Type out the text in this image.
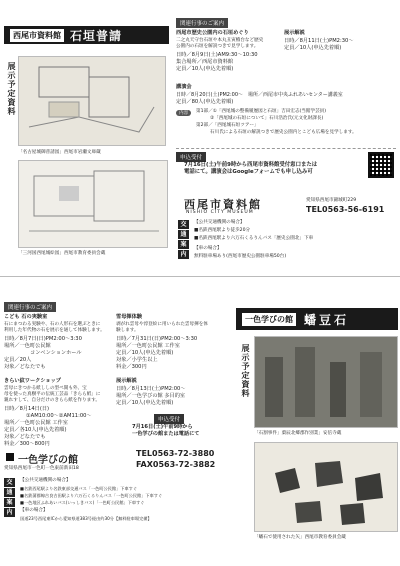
西尾市資料館 石垣普請
展示予定資料
「名古屋城御普請図」西尾市岩瀬文庫蔵
「三河国西尾城絵図」西尾市教育委員会蔵
関連行事のご案内
西尾市歴史公園内の石垣めぐり
二之丸天守台石垣や本丸丑寅櫓台など歴史
公園内の石垣を解説つきで見学します。
日時／8月9日(土)AM9:30〜10:30
集合場所／西尾市資料館
定員／10人(申込先着順)
展示解説
日時／8月11日(土)PM2:30〜
定員／10人(申込先着順)
講演会
日時／8月20日(土)PM2:00〜　場所／西尾市中央ふれあいセンター講義室
定員／80人(申込先着順)
内容	第1部／①「西尾城の整備履歴図と石垣」吉田宏志(当館学芸員)
②「西尾城の石垣について」石川浩治氏(元文化財課長)
第2部／「西尾城石垣ツアー」
石川氏による石垣の解説つきで歴史公園内とこども広場を見学します。
申込受付
7月16日(土)午前9時から西尾市資料館受付窓口または
電話にて。講演会はGoogleフォームでも申し込み可
西尾市資料館
NISHIO CITY MUSEUM
愛知県西尾市錦城町229
TEL0563-56-6191
交
通
案
内
【公共交通機関の場合】
■名鉄西尾駅より徒歩20分
■名鉄西尾駅より六万石くるりんバス「歴史公園北」下車
【車の場合】
無料駐車場あり(西尾市歴史公園駐車場50台)
関連行事のご案内
こども 石の実験室
石にまつわる実験や、石の人形石を選ぶときに
利用した年代物の石を展示を通して体験します。
日時／8月7日(日)PM2:00〜3:30
場所／一色町公民館
コンベンションホール
定員／20人
対象／どなたでも
雪母揮体験
剥がれ雲母や淳登絵に用いられた雲母揮を体
験します。
日時／7月31日(日)PM2:00〜3:30
場所／一色町公民館 工作室
定員／10人(申込先着順)
対象／小学生以上
料金／300円
きらい紋ワークショップ
雲母にきつかる紙ししの型ぺ開も外、宝
母を使った真樹平の伝統工芸品「きらら紙」に
親れすして、自分だけのきらら紙を作ります。
日時／8月14日(日)
①AM10:00〜②AM11:00〜
場所／一色町公民館 工作室
定員／各10人(申込先着順)
対象／どなたでも
料金／300〜800円
展示解説
日時／8月13日(土)PM2:00〜
場所／一色学びの館 多目的室
定員／10人(申込先着順)
申込受付
7月16日(土)午前9時から
一色学びの館または電話にて
一色学びの館
愛知県西尾市一色町一色東前新田18
TEL0563-72-3880
FAX0563-72-3882
交
通
案
内
【公共交通機関の場合】
■名鉄西尾駅より名鉄東部交通バス「一色町公民館」下車すぐ
■名鉄蒲郡線吉良吉田駅より六万石くるりんバス「一色町公民館」下車すぐ
■一色地区ふれあいバス(いっしきバス)「一色町公民館」下車すぐ
【車の場合】
国道23号西尾東ICから愛知県道383号経由約30分【無料駐車場完備】
一色学びの館 蟠豆石
展示予定資料
「石割事件」菓辰北郷郡作別業」安倍寺蔵
「蟠石で使用された矢」西尾市教育委員会蔵
